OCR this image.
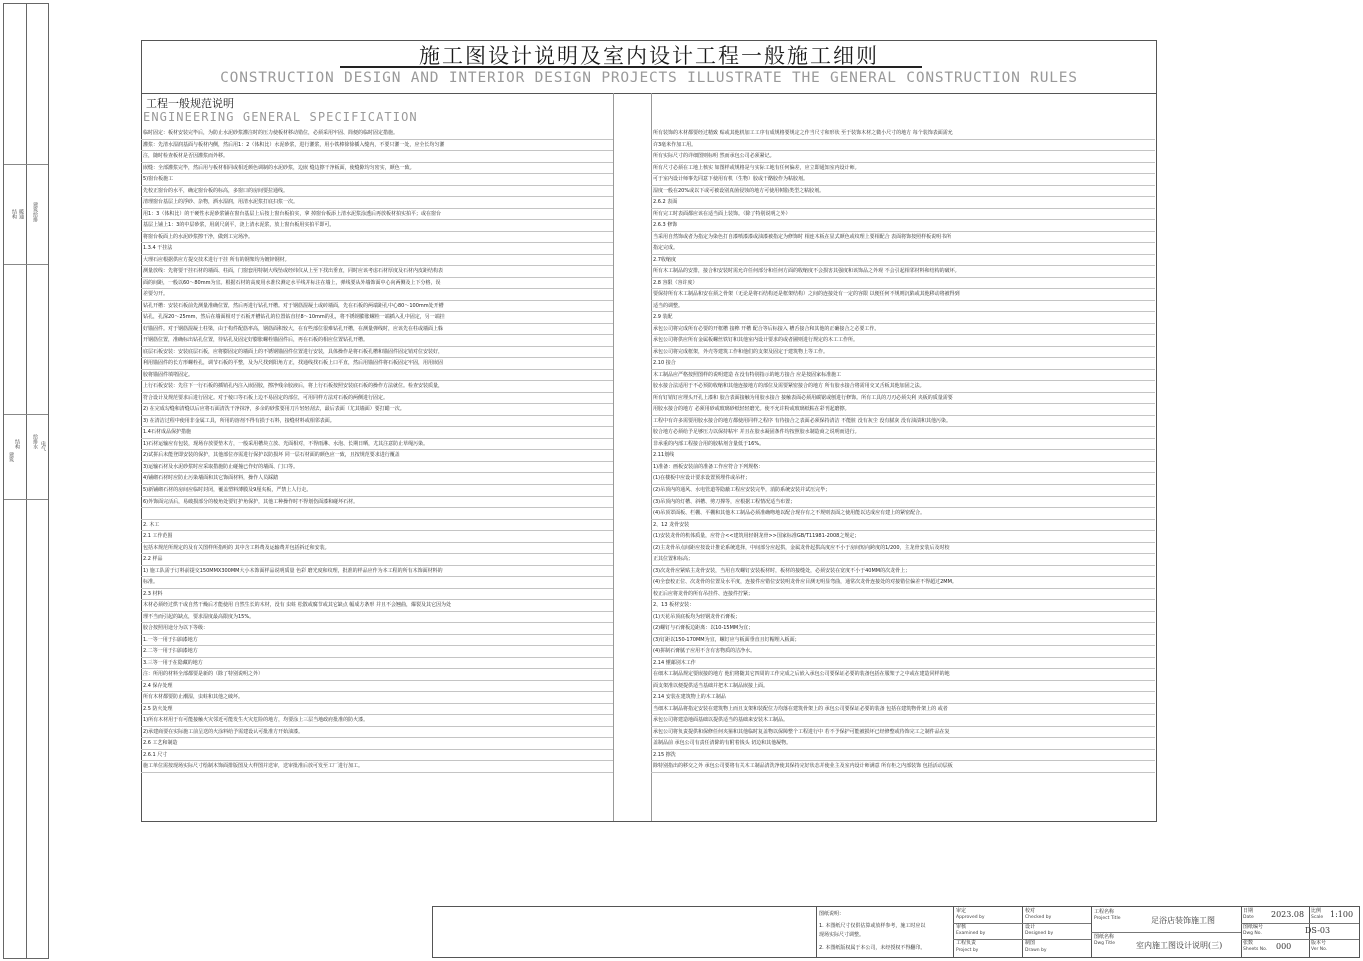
结构 暖通 建筑给排
建筑
结构 给排水 电气
施工图设计说明及室内设计工程一般施工细则
CONSTRUCTION DESIGN AND INTERIOR DESIGN PROJECTS ILLUSTRATE THE GENERAL CONSTRUCTION RULES
工程一般规范说明
ENGINEERING GENERAL SPECIFICATION
临时固定：板材安装完毕后，为防止水泥砂浆灌注时的压力使板材移动错位，必须采用牢固、简便的临时固定措施。
灌浆：先清水湿润基面与板材内侧，然后用1：2（体积比）水泥砂浆，进行灌浆，用小铁棒徐徐插入缝内，不要只灌一处，应全长均匀灌
注，随时检查板材是否因灌浆而外移。
嵌缝：全部灌浆完毕，然后用与板材相同或相近颜色调制的水泥砂浆，边嵌 缝边擦干净板面，使缝隙均匀密实，颜色一致。
5)窗台板施工
先校正窗台的水平，确定窗台板的标高，多窗口的房间要拉通线。
清理窗台基层上的浮砂、杂物，洒水湿润，用清水泥浆打底扫浆一次。
用1：3（体积比）的干硬性水泥砂浆铺在窗台基层上后按上窗台板拍实，拿 掉窗台板添上清水泥浆涂透后再放板材拍实拍平；或在窗台
基层上铺上1：3的中层砂浆，用刮尺刮平，浇上清水泥浆，放上窗台板用实拍平即可。
将窗台板面上的水泥砂浆擦干净，做到工完场净。
1.3.4 干挂法
大理石应根据供应方提交技术进行干挂 所有的钢架均为镀锌钢材。
测量放线：先将要干挂石材的墙面、柱面，门窗套用特制大线坠或经纬仪从上至下找出垂直，同时应该考虑石材厚度及石材内皮距结构表
面的间距，一般以60～80mm为宜。根据石材的高度用水准仪测定水平线并标注在墙上，弹线要从外墙饰面中心向两侧及上下分格，误
差要匀开。
钻孔开槽：安装石板前先测量准确位置，然后再进行钻孔开槽。对于钢筋混凝土或砖墙面，先在石板的两端距孔中心80～100mm处开槽
钻孔，孔深20～25mm，然后在墙面相对于石板开槽钻孔的位置钻直径8～10mm的孔，将不锈钢膨胀螺栓一端插入孔中固定，另一端挂
好锚固件。对于钢筋混凝土柱梁，由于构件配筋率高，钢筋面积较大，在有些部位很难钻孔开槽，在测量弹线时，应该先在柱或墙面上躲
开钢筋位置，准确标出钻孔位置，待钻孔及固定好膨胀螺栓锚固件后，再在石板的相应位置钻孔开槽。
底层石板安装：安装底层石板，应将膨固定的墙面上的不锈钢锚固件位置进行安装，具体操作是将石板孔槽和锚固件固定销对位安装好，
利用锚固件的长方形螺栓孔，调节石板的平整，及为尺找到阳角方正，找通线找石板上口平直，然后用锚固件将石板固定牢固，用用嵌固
胶将锚固件填堵固定。
上行石板安装：先往下一行石板的插销孔内注入嵌固胶，擦净残余胶液后，将上行石板按照安装底石板的操作方法就位。检查安装质量，
符合设计及规范要求后进行固定。对于棱口等石板上边不易固定的部位，可用同样方法对石板的两侧进行固定。
2) 在完成勾缝和清缝以后应将石面清洗干净抹净，多余的砂浆要用刀片轻轻刮去，最后表面（尤其墙面）要打蜡一次。
3) 在清洁过程中使用非金属工具，所用的溶剂不得有损于石料，接缝材料或相邻表面。
1.4石材成品保护措施
1)石材运输应有包装，现场存放要垫木方，一般采用槽块立放、光面相对，不得雨淋、水泡、长期日晒，尤其注意防止草绳污染。
2)试拼后未能登即安装的保护，其他部位亦需进行保护以防损坏 同一层石材面的颜色应一致，且按规范要求进行覆盖
3)运输石材及水泥砂浆时应采取措施防止碰撞已作好的墙面、门口等。
4)铺砌石材时应防止污染墙面和其它饰面材料，操作人员踩踏
5)新铺砌石材的房间应临时封闭，覆盖塑料薄膜及9厘夹板，严禁上人行走。
6)外饰面完活后，易破损部分的棱角处要钉护角保护，其他工种操作时不得划伤面漆和碰坏石材。
2. 木工
2.1 工作范围
包括本规范所规定的及有关图样所指明的 其中含工料费及运输费并包括拆迁和安装。
2.2 样品
1) 施工队需于订料前提交150MMX300MM大小木饰面样品说明质量 色彩 磨光度和纹理，批准的样品应作为本工程的所有木饰面材料的
标准。
2.3 材料
木材必须经过烘干或自然干燥后才能使用 自然生长的木材，没有 虫蛀 松散或腐节或其它缺点 幅成方条形 并且不会翘曲，爆裂及其它因为处
理不当而引起的缺点，要求湿度最高限度为15%。
胶合按照用途分为以下等级：
1.一等一用于扫油漆地方
2.二等一用于扫油漆地方
3.三等一用于在隐藏的地方
注：所用的材料全部都要是新的（除了特别说明之外）
2.4 保存处理
所有木材都要防止潮湿，虫蛀和其他之破坏。
2.5 防火处理
1)所有木材用于有可能接触火灾邻近可能发生火灾危险的地方，均要涂上三层当地政府批准的防火漆。
2)承建商要在实际施工前呈送的火涂料给予需建设认可批准方开始油漆。
2.6 工艺和制造
2.6.1 尺寸
施工单位需按现场实际尺寸绘制木饰面排版图及大样图并送审，送审批准后放可发至工厂进行加工。
所有装饰的木材都要经过精致 贴或其他机加工工序有成规格要规定之作当尺寸和形状 至于装饰木材之微小尺寸的地方 每个装饰表面需允
许3毫米作加工用。
所有实际尺寸的详细图则标明 然而承包公司必须紧记。
所有尺寸必须在工地上核实 如图样或规格是与实际工地有任何偏差，应立即通知室内设计师。
可于室内设计师事先同意下使用有机（生物）胶或干酪胶作为粘胶剂。
湿度一般在20%或以下或可被设别真菌侵蚀的地方可使用树脂类型之粘胶剂。
2.6.2 表面
所有完工时表面都应该在适当面上装饰。（除了特别说明之外）
2.6.3 修饰
当采用自然饰或者为指定为染色打自漆喷漆漆或油漆被指定为修饰时 相连木板在显式颜色或纹理上要相配合 表面将饰按照样板说明书所
指定完成。
2.7收缩度
所有木工制品的安排，接合和安装时需允许任何部分和任何方面的收缩度不会损害其强度和该饰品之外观 不会引起相邻材料和结构的破坏。
2.8 容限（容许度）
要保持所有木工制品和安在须之骨架（无论是将石结构还是框架结构）之间的连接处有一定的容限 以便任何不规则沉陷或其他移动将被得到
适当的调整。
2.9 装配
承包公司将完成所有必要的开框槽 接榫 开槽 配合等后标接入 槽舌接合和其他的正确接合之必要工作。
承包公司将供应所有金属板螺丝铁钉和其他室内设计要求的或者圃则进行规定的木工工作所。
承包公司将完成框架，外壳等建筑工作和他们的支架及固定于建筑物上等工作。
2.10 接合
木工制品应严格按照图样的说明建造 在没有特别指示的地方接合 应是按固家标准施工
胶水接合法适用于不必预防收缩和其他连接地方的部位及需要紧密接合的地方 所有胶水接合将需用交叉舌板其他加固之法。
所有钉销钉应埋头开孔上漆和 胶合表面接触为用胶水接合 接触表面必须用碳锯或刨进行修饰。所有工具的刀刃必须尖利 夹板的质量需要
用胶水接合的地方 必须用砂或玻璃砂纸轻轻磨光。使不允许粉或玻璃纸粘在彩刊起磨擦。
工程中有许多需要用胶水接合的地方都使用同样之程序 有待接合之表面必须保持清洁 不能脏 没有灰尘 没有腻灰 没有油渍和其他污染。
胶合地方必须给予足够压力以保持粘牢 并且在胶水凝固条件均按照胶水制造商之说明而进行。
非承重的内部工程接合用的胶粘剂含量低于16%。
2.11划线
1)准备：画板安装前的准备工作应符合下列规格：
(1)在楼板中应设计要求设置预埋件或吊杆；
(2)吊顶内的通风、水电管道等隐蔽工程应安装完毕，消防系统安装并试压完毕；
(3)吊顶内的灯槽、斜槽、剪刀撑等，应根据工程情况适当布置；
(4)吊顶罩面板、栏棚、平棚和其他木工制品必须准确吻地以配合现存有之不规则表面之使用能以达成应有建上的紧密配合。
2、12 龙骨安装
(1)安装龙骨的机体质量，应符合<<建筑用轻钢龙骨>>国家标准GB/T11981-2008之规定；
(2)主龙骨吊点间距应按设计推论系统选择，中间部分应起拱，金属龙骨起拱高度应不小于房间短向跨度的1/200，主龙骨安装后及时校
正其位置和标高；
(3)次龙骨应紧贴主龙骨安装，当用自攻螺钉安装板材时，板材的接缝处，必须安装在宽度不小于40MM的次龙骨上；
(4)全套校正位、次龙骨的位置及水平度，连接件应错位安装明龙骨应目测无明显弯曲，通常次龙骨连接处的对接错位偏差不得超过2MM。
校正后应将龙骨的所有吊挂件、连接件拧紧；
2、13 板材安装：
(1)天花吊顶底板均为轻钢龙骨石膏板；
(2)螺钉与石膏板边距离：以10-15MM为宜；
(3)钉距以150-170MM为宜，螺钉应与板面垂直且钉帽埋入板面；
(4)拼制石膏腻子应用不含有害物质的洁净水。
2.14 懂邮别木工作
在细木工制品规定要嵌接的地方 他们将随其它四周的工作完成之后嵌入承包公司要保证必要的装备包括在服架子之中或在建造同样的地
面支架准以便提供适当基础并把木工制品嵌接上面。
2.14 安装在建筑物上的木工制品
当细木工制品将指定安装在建筑物上而且支架和装配位力均落在建筑骨架上的 承包公司要保证必要的装备 包括在建筑物骨架上的 或者
承包公司将建造地面基础以提供适当的基础来安装木工制品。
承包公司将负责提供和保修任何夹箍和其他临时复盖物以保障整个工程进行中 若不予保护可能被损坏已经修整或待饰完工之制件品在复
盖制品前 承包公司有责任清除的有附着钱头 切边和其他凝物。
2.15 擦洗
除特别指出的移交之外 承包公司要将有关木工制品清洗净使其保持完好状态并使业主及室内设计师满意 所有柜之内部装饰 包括活动层板
图纸说明：
1. 本图纸尺寸仅供估算或放样参考，施工时应以
现场实际尺寸调整。
2. 本图纸版权属于本公司，未经授权不得翻印。
审定
Approved by
审核
Examined by
工程负责
Project by
校对
Checked by
设计
Designed by
制图
Drawn by
工程名称
Project Title	足浴店装饰施工图
图纸名称
Dwg Title	室内施工图设计说明(三)
日期
Date 2023.08 比例
Scale 1:100
图纸编号
Dwg No.	DS-03
张数
Sheets No. 000	版本号
Ver No.
